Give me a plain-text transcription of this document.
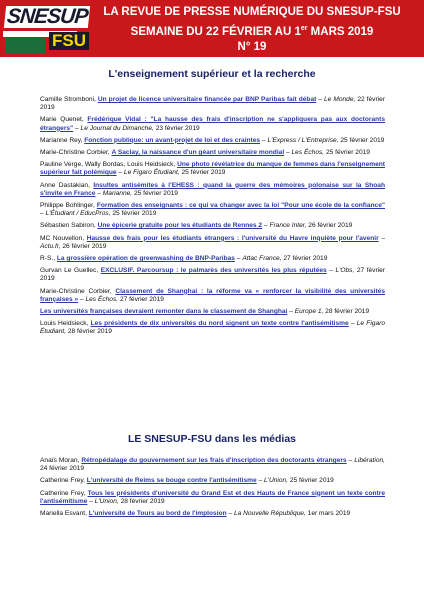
SNESUP
FSU
LA REVUE DE PRESSE NUMÉRIQUE DU SNESUP-FSU
SEMAINE DU 22 FÉVRIER AU 1er MARS 2019
N° 19
L'enseignement supérieur et la recherche

Camille Stromboni, Un projet de licence universitaire financée par BNP Paribas fait débat – Le Monde, 22 février 2019

Marie Quenet, Frédérique Vidal : "La hausse des frais d'inscription ne s'appliquera pas aux doctorants étrangers" – Le Journal du Dimanche, 23 février 2019

Marianne Rey, Fonction publique: un avant-projet de loi et des craintes – L'Express / L'Entreprise, 25 février 2019

Marie-Christine Corbier, A Saclay, la naissance d'un géant universitaire mondial – Les Échos, 25 février 2019

Pauline Verge, Wally Bordas, Louis Heidsieck, Une photo révélatrice du manque de femmes dans l'enseignement supérieur fait polémique – Le Figaro Étudiant, 25 février 2019

Anne Dastakian, Insultes antisémites à l'EHESS : quand la guerre des mémoires polonaise sur la Shoah s'invite en France – Marianne, 25 février 2019

Philippe Bohlinger, Formation des enseignants : ce qui va changer avec la loi "Pour une école de la confiance" – L'Étudiant / EducPros, 25 février 2019

Sébastien Sabiron, Une épicerie gratuite pour les étudiants de Rennes 2 – France Inter, 26 février 2019

MC Nouvellon, Hausse des frais pour les étudiants étrangers : l'université du Havre inquiète pour l'avenir – Actu.fr, 26 février 2019

R-S., La grossière opération de greenwashing de BNP-Paribas – Attac France, 27 février 2019

Gurvan Le Guellec, EXCLUSIF. Parcoursup : le palmarès des universités les plus réputées – L'Obs, 27 février 2019

Marie-Christine Corbier, Classement de Shanghai : la réforme va « renforcer la visibilité des universités françaises » – Les Échos, 27 février 2019

Les universités françaises devraient remonter dans le classement de Shanghai – Europe 1, 28 février 2019

Louis Heidsieck, Les présidents de dix universités du nord signent un texte contre l'antisémitisme – Le Figaro Étudiant, 28 février 2019

LE SNESUP-FSU dans les médias

Anaïs Moran, Rétropédalage du gouvernement sur les frais d'inscription des doctorants étrangers – Libération, 24 février 2019

Catherine Frey, L'université de Reims se bouge contre l'antisémitisme – L'Union, 25 février 2019

Catherine Frey, Tous les présidents d'université du Grand Est et des Hauts de France signent un texte contre l'antisémitisme – L'Union, 28 février 2019

Mariella Esvant, L'université de Tours au bord de l'implosion – La Nouvelle République, 1er mars 2019
